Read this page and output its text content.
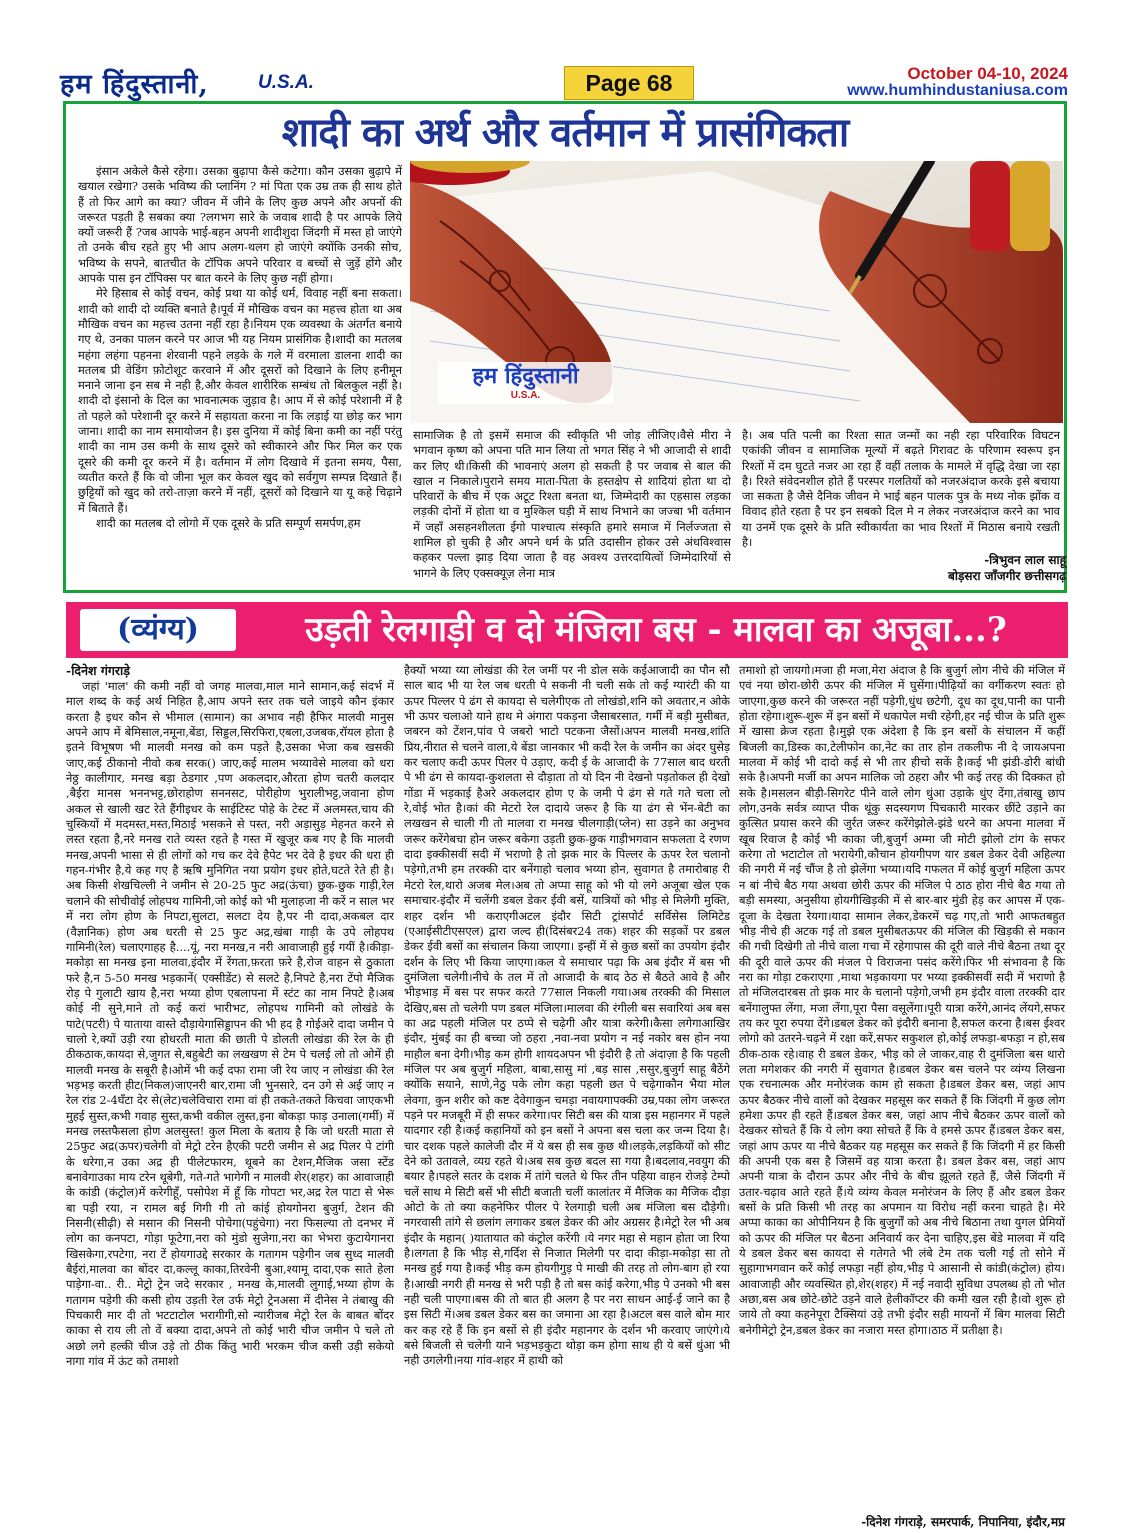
हम हिंदुस्तानी,	U.S.A.	Page 68	October 04-10, 2024
www.humhindustaniusa.com
शादी का अर्थ और वर्तमान में प्रासंगिकता

इंसान अकेले कैसे रहेगा। उसका बुढ़ापा कैसे कटेगा। कौन उसका बुढ़ापे में खयाल रखेगा? उसके भविष्य की प्लानिंग ? मां पिता एक उम्र तक ही साथ होते हैं तो फिर आगे का क्या? जीवन में जीने के लिए कुछ अपने और अपनों की जरूरत पड़ती है सबका क्या ?लगभग सारे के जवाब शादी है पर आपके लिये क्यों जरूरी हैं ?जब आपके भाई-बहन अपनी शादीशुदा जिंदगी में मस्त हो जाएंगे तो उनके बीच रहते हुए भी आप अलग-थलग हो जाएंगे क्योंकि उनकी सोच, भविष्य के सपने, बातचीत के टॉपिक अपने परिवार व बच्चों से जुड़ें होंगे और आपके पास इन टॉपिक्स पर बात करने के लिए कुछ नहीं होगा।

मेरे हिसाब से कोई वचन, कोई प्रथा या कोई धर्म, विवाह नहीं बना सकता। शादी को शादी दो व्यक्ति बनाते है।पूर्व में मौखिक वचन का महत्त्व होता था अब मौखिक वचन का महत्त्व उतना नहीं रहा है।नियम एक व्यवस्था के अंतर्गत बनाये गए थे, उनका पालन करने पर आज भी यह नियम प्रासंगिक है।शादी का मतलब महंगा लहंगा पहनना शेरवानी पहने लड़के के गले में वरमाला डालना शादी का मतलब प्री वेडिंग फ़ोटोशूट करवाने में और दूसरों को दिखाने के लिए हनीमून मनाने जाना इन सब मे नही है,और केवल शारीरिक सम्बंध तो बिलकुल नहीं है। शादी दो इंसानो के दिल का भावनात्मक जुड़ाव है। आप में से कोई परेशानी में है तो पहले को परेशानी दूर करने में सहायता करना ना कि लड़ाई या छोड़ कर भाग जाना। शादी का नाम समायोजन है। इस दुनिया में कोई बिना कमी का नहीं परंतु शादी का नाम उस कमी के साथ दूसरे को स्वीकारने और फिर मिल कर एक दूसरे की कमी दूर करने में है। वर्तमान में लोग दिखावे में इतना समय, पैसा, व्यतीत करते हैं कि वो जीना भूल कर केवल खुद को सर्वगुण सम्पन्न दिखाते हैं। छुट्टियों को खुद को तरो-ताज़ा करने में नहीं, दूसरों को दिखाने या यू कहे चिढ़ाने में बिताते हैं।

शादी का मतलब दो लोगो में एक दूसरे के प्रति सम्पूर्ण समर्पण,हम

हम हिंदुस्तानी
U.S.A.

सामाजिक है तो इसमें समाज की स्वीकृति भी जोड़ लीजिए।वैसे मीरा ने भगवान कृष्ण को अपना पति मान लिया तो भगत सिंह ने भी आजादी से शादी कर लिए थी।किसी की भावनाएं अलग हो सकती है पर जवाब से बाल की खाल न निकाले।पुराने समय माता-पिता के हस्तक्षेप से शादियां होता था दो परिवारों के बीच में एक अटूट रिश्ता बनता था, जिम्मेदारी का एहसास लड़का लड़की दोनों में होता था व मुश्किल घड़ी में साथ निभाने का जज्बा भी वर्तमान में जहाँ असहनशीलता ईगो पाश्चात्य संस्कृति हमारे समाज में निर्लज्जता से शामिल हो चुकी है और अपने धर्म के प्रति उदासीन होकर उसे अंधविश्वास कहकर पल्ला झाड़ दिया जाता है वह अवश्य उत्तरदायित्वों जिम्मेदारियों से भागने के लिए एक्सक्यूज़ लेना मात्र

है। अब पति पत्नी का रिश्ता सात जन्मों का नही रहा परिवारिक विघटन एकांकी जीवन व सामाजिक मूल्यों में बढ़ते गिरावट के परिणाम स्वरूप इन रिश्तों में दम घुटते नजर आ रहा हैं वहीं तलाक के मामले में वृद्धि देखा जा रहा है। रिश्ते संवेदनशील होते हैं परस्पर गलतियों को नजरअंदाज करके इसे बचाया जा सकता है जैसे दैनिक जीवन मे भाई बहन पालक पुत्र के मध्य नोक झोंक व विवाद होते रहता है पर इन सबको दिल मे न लेकर नजरअंदाज करने का भाव या उनमें एक दूसरे के प्रति स्वीकार्यता का भाव रिश्तों में मिठास बनाये रखती है।

-त्रिभुवन लाल साहू
बोड़सरा जाँजगीर छत्तीसगढ़
(व्यंग्य)	उड़ती रेलगाड़ी व दो मंजिला बस - मालवा का अजूबा...?
-दिनेश गंगराड़े

जहां 'माल' की कमी नहीं वो जगह मालवा,माल माने सामान,कई संदर्भ में माल शब्द के कई अर्थ निहित है,आप अपने स्तर तक चले जाइये कौन इंकार करता है इधर कौन से भीमाल (सामान) का अभाव नही हैफिर मालवी मानुस अपने आप में बेमिसाल,नमूना,बेंडा, सिड्डल,सिरफिरा,एबला,उजबक,रॉयल होता है इतने विभूषण भी मालवी मनख को कम पड़ते है,उसका भेजा कब खसकी जाए,कई ठीकानो नीवो कब सरक() जाए,कई मालम भय्यावेसे मालवा को धरा नेठ्ठ कालीगार, मनख बड़ा ठेडगार ,पण अकलदार,औरता होण चतरी कलदार ,बैईरा मानस भननभट्ट,छोराहोण सननसट, पोरीहोण भुरालीभट्ट,जवाना होण अकल से खाली खट रेते हैंगीइधर के साईटिस्ट पोहे के टेस्ट में अलमस्त,चाय की चुस्कियों में मदमस्त,मस्त,मिठाई भसकने से पस्त, नरी अड़ासुड़ मेहनत करने से लस्त रहता है,नरे मनख राते व्यस्त रहते है गस्त में खुजूर कब गए है कि मालवी मनख,अपनी भासा से ही लोगों को गच कर देवे हैपेट भर देवे है इधर की धरा ही गहन-गंभीर है,ये कह गए है ऋषि मुनिगित नया प्रयोग इधर होते,घटते रेते ही है।अब किसी शेखचिल्ली ने जमीन से 20-25 फुट अद्र(ऊंचा) छुक-छुक गाड़ी,रेल चलाने की सोचीवोई लोहपथ गामिनी,जो कोई को भी मुलाहजा नी करें न साल भर में नरा लोग होण के निपटा,सुलटा, सलटा देय है,पर नी दादा,अकबल दार (वैज्ञानिक) होण अब धरती से 25 फुट अद्र,खंबा गाड़ी के उपे लोहपथ गामिनी(रेल) चलाएगाहह है....यूं, नरा मनख,न नरी आवाजाही हुई गयीं है।कीड़ा-मकोड़ा सा मनख इना मालवा,इंदौर में रेंगता,फ़रता फ़रे है,रोज वाहन से ठुकाता फरे है,न 5-50 मनख भड़कानें( एक्सीडेंट) से सलटे है,निपटे है,नरा टेंपो मैजिक रोड़ पे गुलाटी खाय है,नरा भय्या होण एबलापना में स्टंट का नाम निपटे है।अब कोई नी सुने,माने तो कई करां भारीभट, लोहपथ गामिनी को लोखंडे के पाटे(पटरी) पे याताया वास्ते दौड़ायेगासिड्डापन की भी हद है गोईअरे दादा जमीन पे चालो रे,क्यों उड़ी रया होधरती माता की छाती पे डोलती लोखंडा की रेल के ही ठीकठाक,कायदा से,जुगत से,बहुबेटी का लखखण से टेम पे चलई लो तो ओमें ही मालवी मनख के सबूरी है।ओमें भी कई दफा रामा जी रेय जाए न लोखंडा की रेल भड़भड़ करती हीट(निकल)जाएनरी बार,रामा जी भुनसारे, दन उगे से अई जाए न रेल रांड 2-4घँटा देर से(लेट)चलेविचारा रामा वां ही तकते-तकते किचवा जाएकभी मुहई सुस्त,कभी गवाह सुस्त,कभी वकील लुस्त,इना बोकड़ा फाड़ उनाला(गर्मी) में मनख लस्तफैसला होण अलसुस्त! कुल मिला के बताय है कि जो धरती माता से 25फुट अद्र(ऊपर)चलेगी वो मेट्रो टरेन हैएकी पटरी जमीन से अद्र पिलर पे टांगी के धरेगा,न उका अद्र ही पीलेटफारम, थूबने का टेशन,मैजिक जसा स्टेंड बनावेगाउका माय टरेन थूबेगी, गते-गते भागेगी न मालवी शेर(शहर) का आवाजाही के कांडी (कंट्रोल)में करेगीहूँ, पसोपेश में हूँ कि गोपटा भर,अद्र रेल पाटा से भेरू बा पड़ी रया, न रामल बई गिगी गी तो कांई होयगोनरा बुजुर्ग, टेशन की निसनी(सीढ़ी) से मसान की निसनी पोचेगा(पहुंचेगा) नरा फिसल्या तो दनभर में लोग का कनपटा, गोड़ा फूटेगा,नरा को मुंडो सुजेगा,नरा का भेभरा कुटायेगानरा खिसकेगा,रपटेगा, नरा टें होयगाउद्दे सरकार के गतागम पड़ेगीन जब सुध्द मालवी बैईरां,मालवा का बोंदर दा,कल्लू काका,तिरवेनी बुआ,श्यामू दादा,एक साते हेला पाड़ेगा-वा.. री.. मेट्रो ट्रेन जदे सरकार , मनख के,मालवी लुगाई,भय्या होण के गतागम पड़ेगी की कसी होय उड़ती रेल उर्फ मेट्रो ट्रेनअसा में दीनेस ने तंबाखु की पिचकारी मार दी तो भटटाटोल भरागीगी,सो न्यारीजब मेट्रो रेल के बाबत बोंदर काका से राय ली तो वें बक्या दादा,अपने तो कोई भारी चीज जमीन पे चले तो अछो लगे हल्की चीज उड़े तो ठीक किंतु भारी भरकम चीज कसी उड़ी सकेयो नागा गांव में ऊंट को तमाशो

हैक्यों भय्या य्या लोखंडा की रेल जमीं पर नी डोल सके कईआजादी का पौन सौ साल बाद भी या रेल जब धरती पे सकनी नी चली सके तो कई ग्यारंटी की या ऊपर पिल्लर पे ढंग से कायदा से चलेगीएक तो लोखंडो,शनि को अवतार,न ओके भी ऊपर चलाओ याने हाथ मे अंगारा पकड़ना जैसाबरसात, गर्मी में बड़ी मुसीबत, जबरन को टेंशन,पांव पे जबरो भाटो पटकना जैसों।अपन मालवी मनख,शांति प्रिय,नीरात से चलने वाला,ये बेंडा जानकार भी कदी रेल के जमीन का अंदर घुसेड़ कर चलाए कदी ऊपर पिलर पे उड़ाए, कदी ई के आजादी के 77साल बाद धरती पे भी ढंग से कायदा-कुशलता से दौड़ाता तो यो दिन नी देखनो पड़तोकल ही देखो गोंडा में भड़काई हैअरे अकलदार होण ए के जमी पे ढंग से गते गते चला लो रे,वोई भोत है।कां की मेटरो रेल दादाये जरूर है कि या ढंग से भेंन-बेटी का लखखन से चाली गी तो मालवा रा मनख चीलगाड़ी(प्लेन) सा उड़ने का अनुभव जरूर करेंगेबचा होन जरूर बकेगा उड़ती छुक-छुक गाड़ीभगवान सफलता दे रणण दादा इक्कीसवीं सदी में भराणो है तो झक मार के पिल्लर के ऊपर रेल चलानो पड़ेगो,तभी हम तरक्की दार बनेंगाहो चलाव भय्या होन, सुवागत है तमारोबाह री मेटरो रेल,थारो अजब मेल।अब तो अप्पा साहू को भी यो लगे अजूबा खेल एक समाचार-इंदौर में चलेंगी डबल डेकर ईवी बसें, यात्रियों को भीड़ से मिलेगी मुक्ति, शहर दर्शन भी कराएगीअटल इंदौर सिटी ट्रांसपोर्ट सर्विसेस लिमिटेड (एआईसीटीएसएल) द्वारा जल्द ही(दिसंबर24 तक) शहर की सड़कों पर डबल डेकर ईवी बसों का संचालन किया जाएगा। इन्हीं में से कुछ बसों का उपयोग इंदौर दर्शन के लिए भी किया जाएगा।कल ये समाचार पढ़ा कि अब इंदौर में बस भी दुमंजिला चलेगी।नीचे के तल में तो आजादी के बाद ठेठ से बैठते आवे है और भीड़भाड़ में बस पर सफर करते 77साल निकली गया।अब तरक्की की मिसाल देखिए,बस तो चलेगी पण डबल मंजिला।मालवा की रंगीली बस सवारियां अब बस का अद्र पहली मंजिल पर ठप्पे से चढ़ेगी और यात्रा करेगी।कैसा लगेगाआखिर इंदौर, मुंबई का ही बच्चा जो ठहरा ,नवा-नवा प्रयोग न नई नकोर बस होन नया माहौल बना देगी।भीड़ कम होगी शायदअपन भी इंदौरी है तो अंदाज़ा है कि पहली मंजिल पर अब बुजुर्ग महिला, बाबा,सासु मां ,बड़ सास ,ससुर,बुजुर्ग साहू बैठेंगे क्योंकि सयाने, साणे,नेठु पके लोग कहा पहली छत पे चढ़ेगाकौन भैया मोल लेवगा, कुन शरीर को कष्ट देवेगाकुन चमड़ा नवायगापक्की उम्र,पका लोग जरूरत पड़ने पर मजबूरी में ही सफर करेगा।पर सिटी बस की यात्रा इस महानगर में पहले यादगार रही है।कई कहानियों को इन बसों ने अपना बस चला कर जन्म दिया है।चार दशक पहले कालेजी दौर में ये बस ही सब कुछ थी।लड़के,लड़कियों को सीट देने को उतावले, व्यग्र रहते थे।अब सब कुछ बदल सा गया है।बदलाव,नवयुग की बयार है।पहले सतर के दशक में तांगे चलते थे फिर तीन पहिया वाहन रोजड़े टेम्पो चलें साथ मे सिटी बसें भी सीटी बजाती चलीं कालांतर में मैजिक का मैजिक दौड़ा ओटो के तो क्या कहनेफिर पीलर पे रेलगाड़ी चली अब मंजिला बस दौड़ेगी।नगरवासी तांगे से छलांग लगाकर डबल डेकर की ओर अग्रसर है।मेट्रो रेल भी अब इंदौर के महान( )यातायात को कंट्रोल करेंगी ।ये नगर महा से महान होता जा रिया है।लगता है कि भीड़ से,गर्दिश से निजात मिलेगी पर दादा कीड़ा-मकोड़ा सा तो मनख हुई गया है।कई भीड़ कम होयगीगुड़ पे माखी की तरह तो लोग-बाग हो रया है।आखी नगरी ही मनख से भरी पड़ी है तो बस कांई करेगा,भीड़ पे उनको भी बस नही चली पाएगा।बस की तो बात ही अलग है पर नरा साधन आई-ई जाने का है इस सिटी में।अब डबल डेकर बस का जमाना आ रहा है।अटल बस वाले बोम मार कर कह रहे हैं कि इन बसों से ही इंदौर महानगर के दर्शन भी करवाए जाएंगे।ये बसे बिजली से चलेगी याने भड़भड़कुटा थोड़ा कम होगा साथ ही ये बसें धुंआ भी नही उगलेगी।नया गांव-शहर में हाथी को

तमाशो हो जायगो।मजा ही मजा,मेरा अंदाज है कि बुजुर्ग लोग नीचे की मंजिल में एवं नया छोरा-छोरी ऊपर की मंजिल में घुसेंगा।पीढ़ियों का वर्गीकरण स्वतः हो जाएगा,कुछ करने की जरूरत नहीं पड़ेगी,धुंध छटेगी, दूध का दूध,पानी का पानी होता रहेगा।शुरू-शुरू में इन बसों में धकापेल मची रहेगी,हर नई चीज के प्रति शुरू में खासा क्रेज रहता है।मुझे एक अंदेशा है कि इन बसों के संचालन में कहीं बिजली का,डिस्क का,टेलीफोन का,नेट का तार होन तकलीफ नी दे जायअपना मालवा में कोई भी दादो कई से भी तार हीचो सकें है।कई भी झंडी-डोरी बांधी सके है।अपनी मर्जी का अपन मालिक जो ठहरा और भी कई तरह की दिक्कत हो सके है।मसलन बीड़ी-सिगरेट पीने वाले लोग धुंआ उड़ाके धुंए देंगा,तंबाखु छाप लोग,उनके सर्वत्र व्याप्त पीक थूंकु सदस्यगण पिचकारी मारकर छींटे उड़ाने का कुत्सित प्रयास करने की जुर्रत जरूर करेंगेझोले-झंडे धरने का अपना मालवा में खूब रिवाज है कोई भी काका जी,बुजुर्ग अम्मा जी मोटी झोलो टांग के सफर करेगा तो भटाटोल तो भरायेगी,कौचान होयगीपण यार डबल डेकर देवी अहिल्या की नगरी में नई चौंज है तो झेलेंगा भय्या।यदि गफलत में कोई बुजुर्ग महिला ऊपर न बां नीचे बैठ गया अथवा छोरी ऊपर की मंजिल पे ठाठ होरा नीचे बैठ गया तो बड़ी समस्या, अनुसीया होयगीखिड़की में से बार-बार मुंडी हेड़ कर आपस में एक-दूजा के देखता रेयगा।यादा सामान लेकर,डेकरमें चढ़ गए,तो भारी आफतबहुत भीड़ नीचे ही अटक गई तो डबल मुसीबतऊपर की मंजिल की खिड़की से मकान की गची दिखेगी तो नीचे वाला गचा में रहेगापास की दूरी वाले नीचे बैठना तथा दूर की दूरी वाले ऊपर की मंजल पे विराजना पसंद करेंगे।फिर भी संभावना है कि नरा का गोड़ा टकराएगा ,माथा भड़कायगा पर भय्या इक्कीसवीं सदी में भराणो है तो मंजिलदारबस तो झक मार के चलानो पड़ेगो,जभी हम इंदौर वाला तरक्की दार बनेंगालुफ्त लेंगा, मजा लेंगा,पूरा पैसा वसूलेंगा।पूरी यात्रा करेंगे,आनंद लेंयगे,सफर तय कर पूरा रुपया देंगे।डबल डेकर को इंदौरी बनाना है,सफल करना है।बस ईश्वर लोगो को उतरने-चढ़ने में रक्षा करें,सफर सकुशल हो,कोई लफड़ा-बफड़ा न हो,सब ठीक-ठाक रहे।वाह री डबल डेकर, भीड़ को ले जाकर,वाह री दुमंजिला बस थारो लता मगेशकर की नगरी में सुवागत है।डबल डेकर बस चलने पर व्यंग्य लिखना एक रचनात्मक और मनोरंजक काम हो सकता है।डबल डेकर बस, जहां आप ऊपर बैठकर नीचे वालों को देखकर महसूस कर सकते हैं कि जिंदगी में कुछ लोग हमेशा ऊपर ही रहते हैं।डबल डेकर बस, जहां आप नीचे बैठकर ऊपर वालों को देखकर सोचते हैं कि ये लोग क्या सोचते हैं कि वे हमसे ऊपर हैं।डबल डेकर बस, जहां आप ऊपर या नीचे बैठकर यह महसूस कर सकते हैं कि जिंदगी में हर किसी की अपनी एक बस है जिसमें वह यात्रा करता है। डबल डेकर बस, जहां आप अपनी यात्रा के दौरान ऊपर और नीचे के बीच झूलते रहते हैं, जैसे जिंदगी में उतार-चढ़ाव आते रहते हैं।ये व्यंग्य केवल मनोरंजन के लिए हैं और डबल डेकर बसों के प्रति किसी भी तरह का अपमान या विरोध नहीं करना चाहते है। मेरे अप्पा काका का ओपीनियन है कि बुजुर्गों को अब नीचे बिठाना तथा युगल प्रेमियों को ऊपर की मंजिल पर बैठना अनिवार्य कर देना चाहिए,इस बेंडे मालवा में यदि ये डबल डेकर बस कायदा से गतेगते भी लंबे टेम तक चली गई तो सोने में सुहागाभगवान करें कोई लफड़ा नहीं होय,भीड़ पे आसानी से कांडी(कंट्रोल) होय।आवाजाही और व्यवस्थित हो,शेर(शहर) में नई नवादी सुविधा उपलब्ध हो तो भोत अछा,बस अब छोटे-छोटे उड़ने वाले हेलीकॉप्टर की कमी खल रही है।वो शुरू हो जाये तो क्या कहनेपूरा टैक्सियां उड़े तभी इंदौर सही मायनों में बिग मालवा सिटी बनेगीमेट्रो ट्रेन,डबल डेकर का नजारा मस्त होगा।ठाठ में प्रतीक्षा है।

-दिनेश गंगराड़े, समरपार्क, निपानिया, इंदौर,मप्र
